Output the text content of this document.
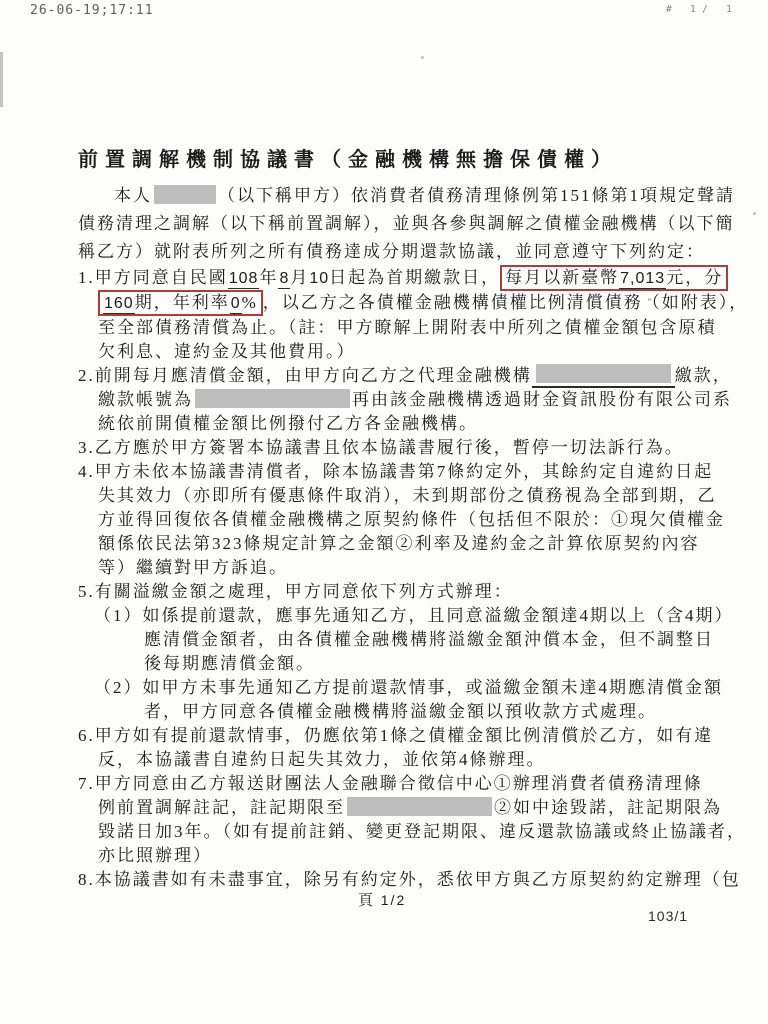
26-06-19;17:11	# 1/ 1
前置調解機制協議書（金融機構無擔保債權）
本人	（以下稱甲方）依消費者債務清理條例第151條第1項規定聲請
債務清理之調解（以下稱前置調解），並與各參與調解之債權金融機構（以下簡
稱乙方）就附表所列之所有債務達成分期還款協議，並同意遵守下列約定：
1.甲方同意自民國108年8月10日起為首期繳款日， 每月以新臺幣7,013元，分
160期，年利率0% ，以乙方之各債權金融機構債權比例清償債務（如附表），
至全部債務清償為止。（註：甲方瞭解上開附表中所列之債權金額包含原積
欠利息、違約金及其他費用。）
2.前開每月應清償金額，由甲方向乙方之代理金融機構	繳款，
繳款帳號為	再由該金融機構透過財金資訊股份有限公司系
統依前開債權金額比例撥付乙方各金融機構。
3.乙方應於甲方簽署本協議書且依本協議書履行後，暫停一切法訴行為。
4.甲方未依本協議書清償者，除本協議書第7條約定外，其餘約定自違約日起
失其效力（亦即所有優惠條件取消），未到期部份之債務視為全部到期，乙
方並得回復依各債權金融機構之原契約條件（包括但不限於：①現欠債權金
額係依民法第323條規定計算之金額②利率及違約金之計算依原契約內容
等）繼續對甲方訴追。
5.有關溢繳金額之處理，甲方同意依下列方式辦理：
（1）如係提前還款，應事先通知乙方，且同意溢繳金額達4期以上（含4期）
應清償金額者，由各債權金融機構將溢繳金額沖償本金，但不調整日
後每期應清償金額。
（2）如甲方未事先通知乙方提前還款情事，或溢繳金額未達4期應清償金額
者，甲方同意各債權金融機構將溢繳金額以預收款方式處理。
6.甲方如有提前還款情事，仍應依第1條之債權金額比例清償於乙方，如有違
反，本協議書自違約日起失其效力，並依第4條辦理。
7.甲方同意由乙方報送財團法人金融聯合徵信中心①辦理消費者債務清理條
例前置調解註記，註記期限至	②如中途毀諾，註記期限為
毀諾日加3年。（如有提前註銷、變更登記期限、違反還款協議或終止協議者，
亦比照辦理）
8.本協議書如有未盡事宜，除另有約定外，悉依甲方與乙方原契約約定辦理（包
頁 1/2
103/1
